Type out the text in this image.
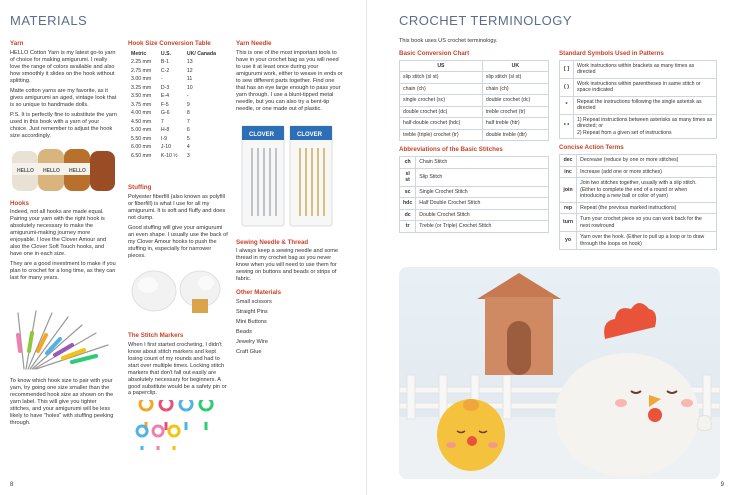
MATERIALS
Yarn

HELLO Cotton Yarn is my latest go-to yarn of choice for making amigurumi. I really love the range of colors available and also how smoothly it slides on the hook without splitting.

Matte cotton yarns are my favorite, as it gives amigurumi an aged, vintage look that is so unique to handmade dolls.

P.S. It is perfectly fine to substitute the yarn used in this book with a yarn of your choice. Just remember to adjust the hook size accordingly.

HELLO HELLO HELLO
Hooks

Indeed, not all hooks are made equal. Pairing your yarn with the right hook is absolutely necessary to make the amigurumi-making journey more enjoyable. I love the Clover Amour and also the Clover Soft Touch hooks, and have one in each size.

They are a good investment to make if you plan to crochet for a long time, as they can last for many years.

To know which hook size to pair with your yarn, try going one size smaller than the recommended hook size as shown on the yarn label. This will give you tighter stitches, and your amigurumi will be less likely to have "holes" with stuffing peeking through.

Hook Size Conversion Table
Metric	U.S.	UK/ Canada
2.25 mm	B-1	13
2.75 mm	C-2	12
3.00 mm	-	11
3.25 mm	D-3	10
3.50 mm	E-4	-
3.75 mm	F-5	9
4.00 mm	G-6	8
4.50 mm	7	7
5.00 mm	H-8	6
5.50 mm	I-9	5
6.00 mm	J-10	4
6.50 mm	K-10 ½	3
Stuffing

Polyester fiberfill (also known as polyfill or fiberfill) is what I use for all my amigurumi. It is soft and fluffy and does not clump.

Good stuffing will give your amigurumi an even shape. I usually use the back of my Clover Amour hooks to push the stuffing in, especially for narrower pieces.

The Stitch Markers

When I first started crocheting, I didn't know about stitch markers and kept losing count of my rounds and had to start over multiple times. Locking stitch markers that don't fall out easily are absolutely necessary for beginners. A good substitute would be a safety pin or a paperclip.

Yarn Needle

This is one of the most important tools to have in your crochet bag as you will need to use it at least once during your amigurumi work, either to weave in ends or to sew different parts together. Find one that has an eye large enough to pass your yarn through. I use a blunt-tipped metal needle, but you can also try a bent-tip needle, or one made out of plastic.

CLOVER	CLOVER
Sewing Needle & Thread

I always keep a sewing needle and some thread in my crochet bag as you never know when you will need to use them for sewing on buttons and beads or strips of fabric.

Other Materials
Small scissors
Straight Pins
Mini Buttons
Beads
Jewelry Wire
Craft Glue
8
CROCHET TERMINOLOGY

This book uses US crochet terminology.

Basic Conversion Chart
US	UK
slip stitch (sl st)	slip stitch (sl st)
chain (ch)	chain (ch)
single crochet (sc)	double crochet (dc)
double crochet (dc)	treble crochet (tr)
half-double crochet (hdc)	half treble (htr)
treble (triple) crochet (tr)	double treble (dtr)
Abbreviations of the Basic Stitches
ch	Chain Stitch
sl st	Slip Stitch
sc	Single Crochet Stitch
hdc	Half Double Crochet Stitch
dc	Double Crochet Stitch
tr	Treble (or Triple) Crochet Stitch
Standard Symbols Used in Patterns
[ ]	Work instructions within brackets as many times as directed
( )	Work instructions within parentheses in same stitch or space indicated
*	Repeat the instructions following the single asterisk as directed
* *	1) Repeat instructions between asterisks as many times as directed; or
2) Repeat from a given set of instructions
Concise Action Terms
dec	Decrease (reduce by one or more stitches)
inc	Increase (add one or more stitches)
join	Join two stitches together, usually with a slip stitch. (Either to complete the end of a round or when introducing a new ball or color of yarn)
rep	Repeat (the previous marked instructions)
turn	Turn your crochet piece so you can work back for the next row/round
yo	Yarn over the hook. (Either to pull up a loop or to draw through the loops on hook)
9
